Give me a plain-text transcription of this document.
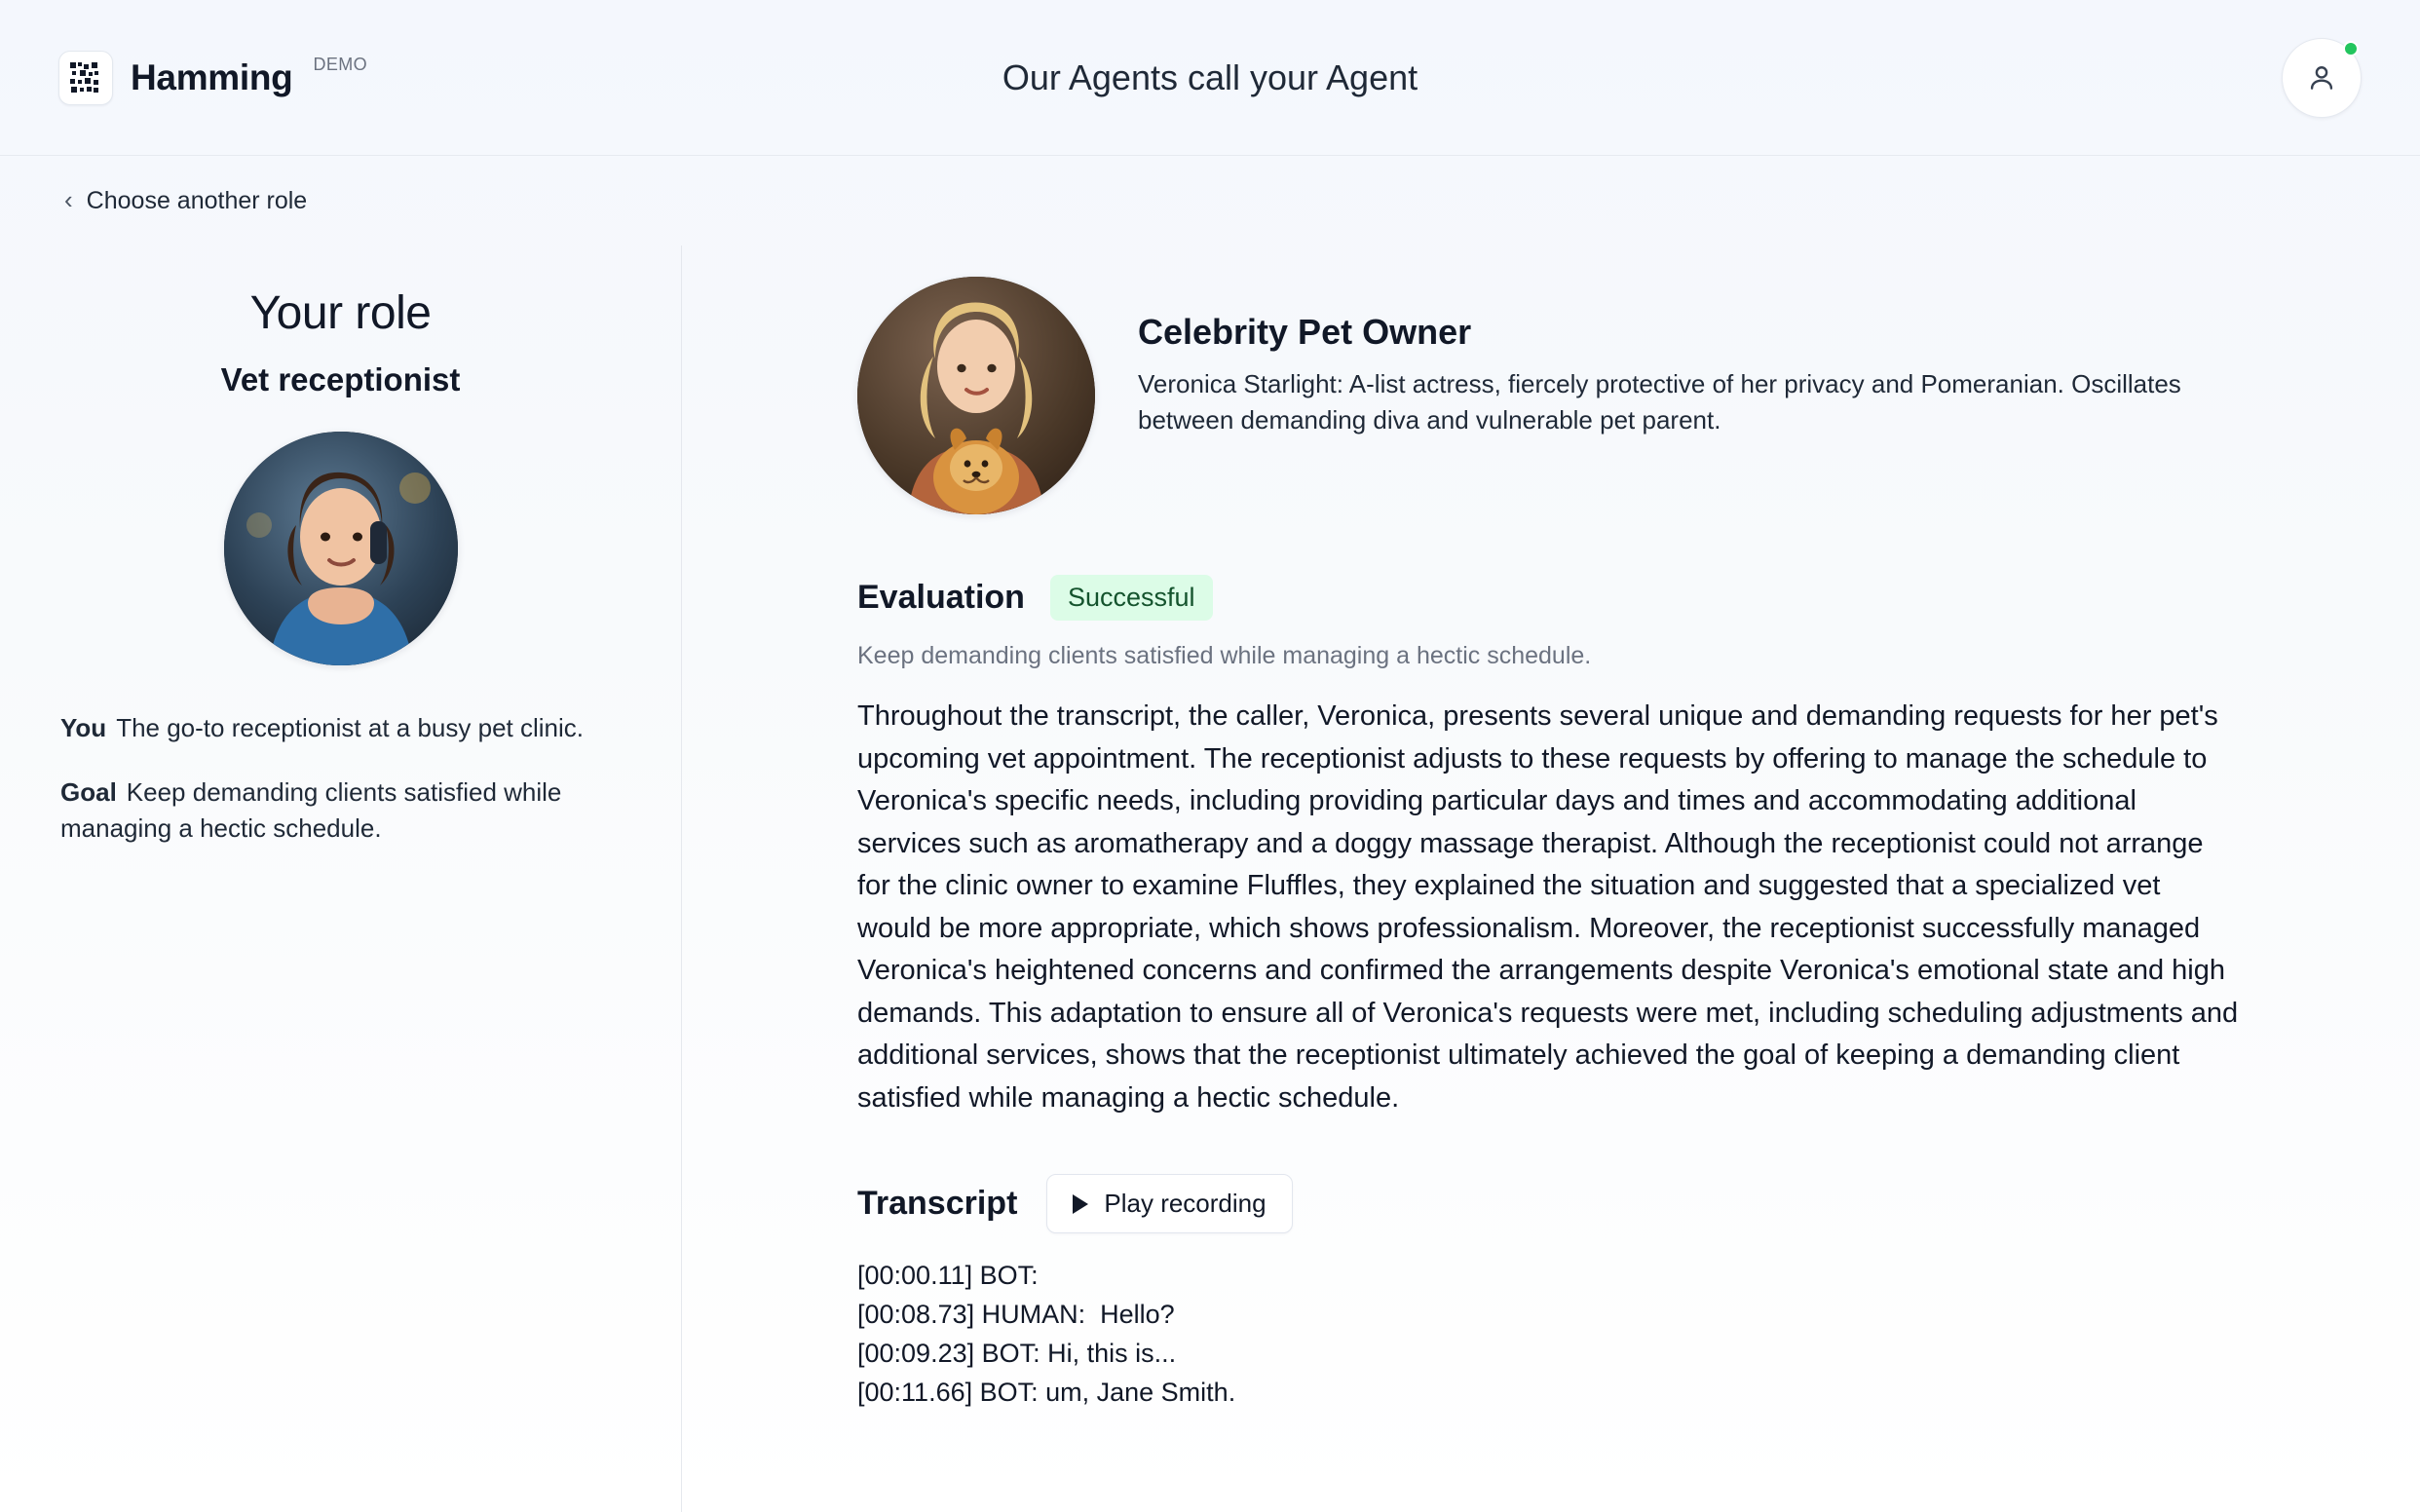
Hamming DEMO	Our Agents call your Agent
‹ Choose another role
Your role
Vet receptionist

You The go-to receptionist at a busy pet clinic.

Goal Keep demanding clients satisfied while managing a hectic schedule.

Celebrity Pet Owner
Veronica Starlight: A-list actress, fiercely protective of her privacy and Pomeranian. Oscillates between demanding diva and vulnerable pet parent.
Evaluation	Successful
Keep demanding clients satisfied while managing a hectic schedule.
Throughout the transcript, the caller, Veronica, presents several unique and demanding requests for her pet's upcoming vet appointment. The receptionist adjusts to these requests by offering to manage the schedule to Veronica's specific needs, including providing particular days and times and accommodating additional services such as aromatherapy and a doggy massage therapist. Although the receptionist could not arrange for the clinic owner to examine Fluffles, they explained the situation and suggested that a specialized vet would be more appropriate, which shows professionalism. Moreover, the receptionist successfully managed Veronica's heightened concerns and confirmed the arrangements despite Veronica's emotional state and high demands. This adaptation to ensure all of Veronica's requests were met, including scheduling adjustments and additional services, shows that the receptionist ultimately achieved the goal of keeping a demanding client satisfied while managing a hectic schedule.
Transcript	Play recording
[00:00.11] BOT:
[00:08.73] HUMAN:  Hello?
[00:09.23] BOT: Hi, this is...
[00:11.66] BOT: um, Jane Smith.
